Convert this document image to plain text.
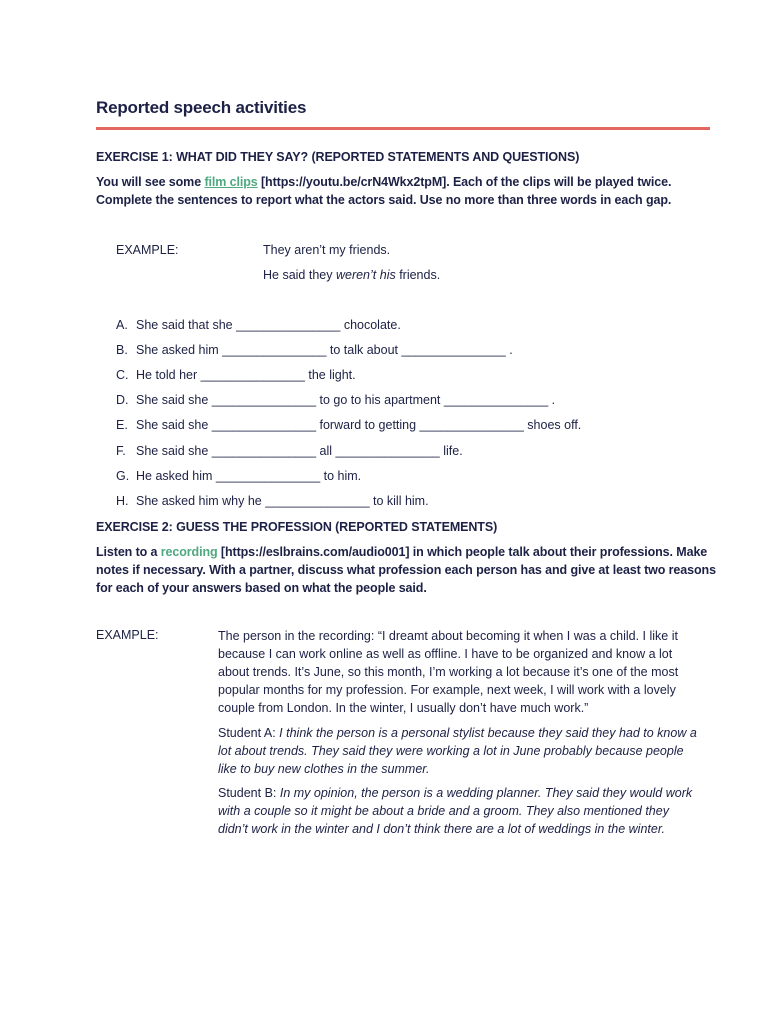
Reported speech activities
EXERCISE 1: WHAT DID THEY SAY? (REPORTED STATEMENTS AND QUESTIONS)
You will see some film clips [https://youtu.be/crN4Wkx2tpM]. Each of the clips will be played twice. Complete the sentences to report what the actors said. Use no more than three words in each gap.
EXAMPLE:	They aren’t my friends.
He said they weren’t his friends.
A. She said that she _______________ chocolate.
B. She asked him _______________ to talk about _______________ .
C. He told her _______________ the light.
D. She said she _______________ to go to his apartment _______________ .
E. She said she _______________ forward to getting _______________ shoes off.
F. She said she _______________ all _______________ life.
G. He asked him _______________ to him.
H. She asked him why he _______________ to kill him.
EXERCISE 2: GUESS THE PROFESSION (REPORTED STATEMENTS)
Listen to a recording [https://eslbrains.com/audio001] in which people talk about their professions. Make notes if necessary. With a partner, discuss what profession each person has and give at least two reasons for each of your answers based on what the people said.
EXAMPLE:	The person in the recording: “I dreamt about becoming it when I was a child. I like it because I can work online as well as offline. I have to be organized and know a lot about trends. It’s June, so this month, I’m working a lot because it’s one of the most popular months for my profession. For example, next week, I will work with a lovely couple from London. In the winter, I usually don’t have much work.”
Student A: I think the person is a personal stylist because they said they had to know a lot about trends. They said they were working a lot in June probably because people like to buy new clothes in the summer.
Student B: In my opinion, the person is a wedding planner. They said they would work with a couple so it might be about a bride and a groom. They also mentioned they didn’t work in the winter and I don’t think there are a lot of weddings in the winter.
